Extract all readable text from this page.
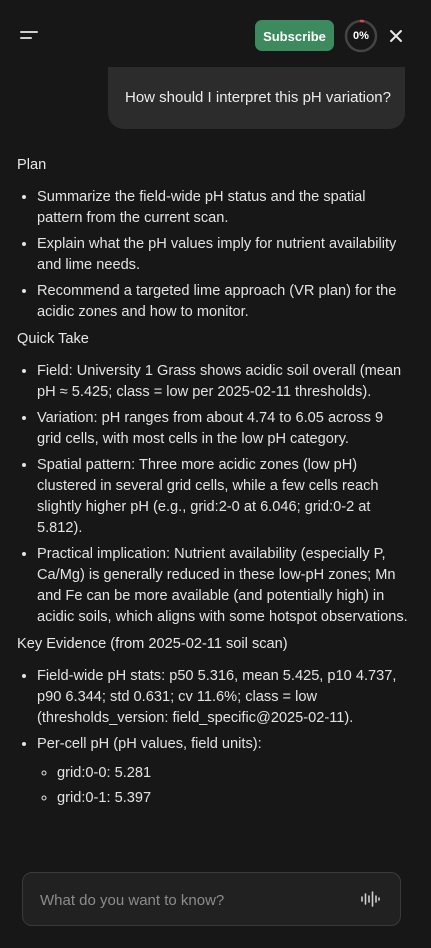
Subscribe	0%
How should I interpret this pH variation?
Plan
• Summarize the field-wide pH status and the spatial pattern from the current scan.
• Explain what the pH values imply for nutrient availability and lime needs.
• Recommend a targeted lime approach (VR plan) for the acidic zones and how to monitor.
Quick Take
• Field: University 1 Grass shows acidic soil overall (mean pH ≈ 5.425; class = low per 2025-02-11 thresholds).
• Variation: pH ranges from about 4.74 to 6.05 across 9 grid cells, with most cells in the low pH category.
• Spatial pattern: Three more acidic zones (low pH) clustered in several grid cells, while a few cells reach slightly higher pH (e.g., grid:2-0 at 6.046; grid:0-2 at 5.812).
• Practical implication: Nutrient availability (especially P, Ca/Mg) is generally reduced in these low-pH zones; Mn and Fe can be more available (and potentially high) in acidic soils, which aligns with some hotspot observations.
Key Evidence (from 2025-02-11 soil scan)
• Field-wide pH stats: p50 5.316, mean 5.425, p10 4.737, p90 6.344; std 0.631; cv 11.6%; class = low (thresholds_version: field_specific@2025-02-11).
• Per-cell pH (pH values, field units):
◦ grid:0-0: 5.281
◦ grid:0-1: 5.397
What do you want to know?
